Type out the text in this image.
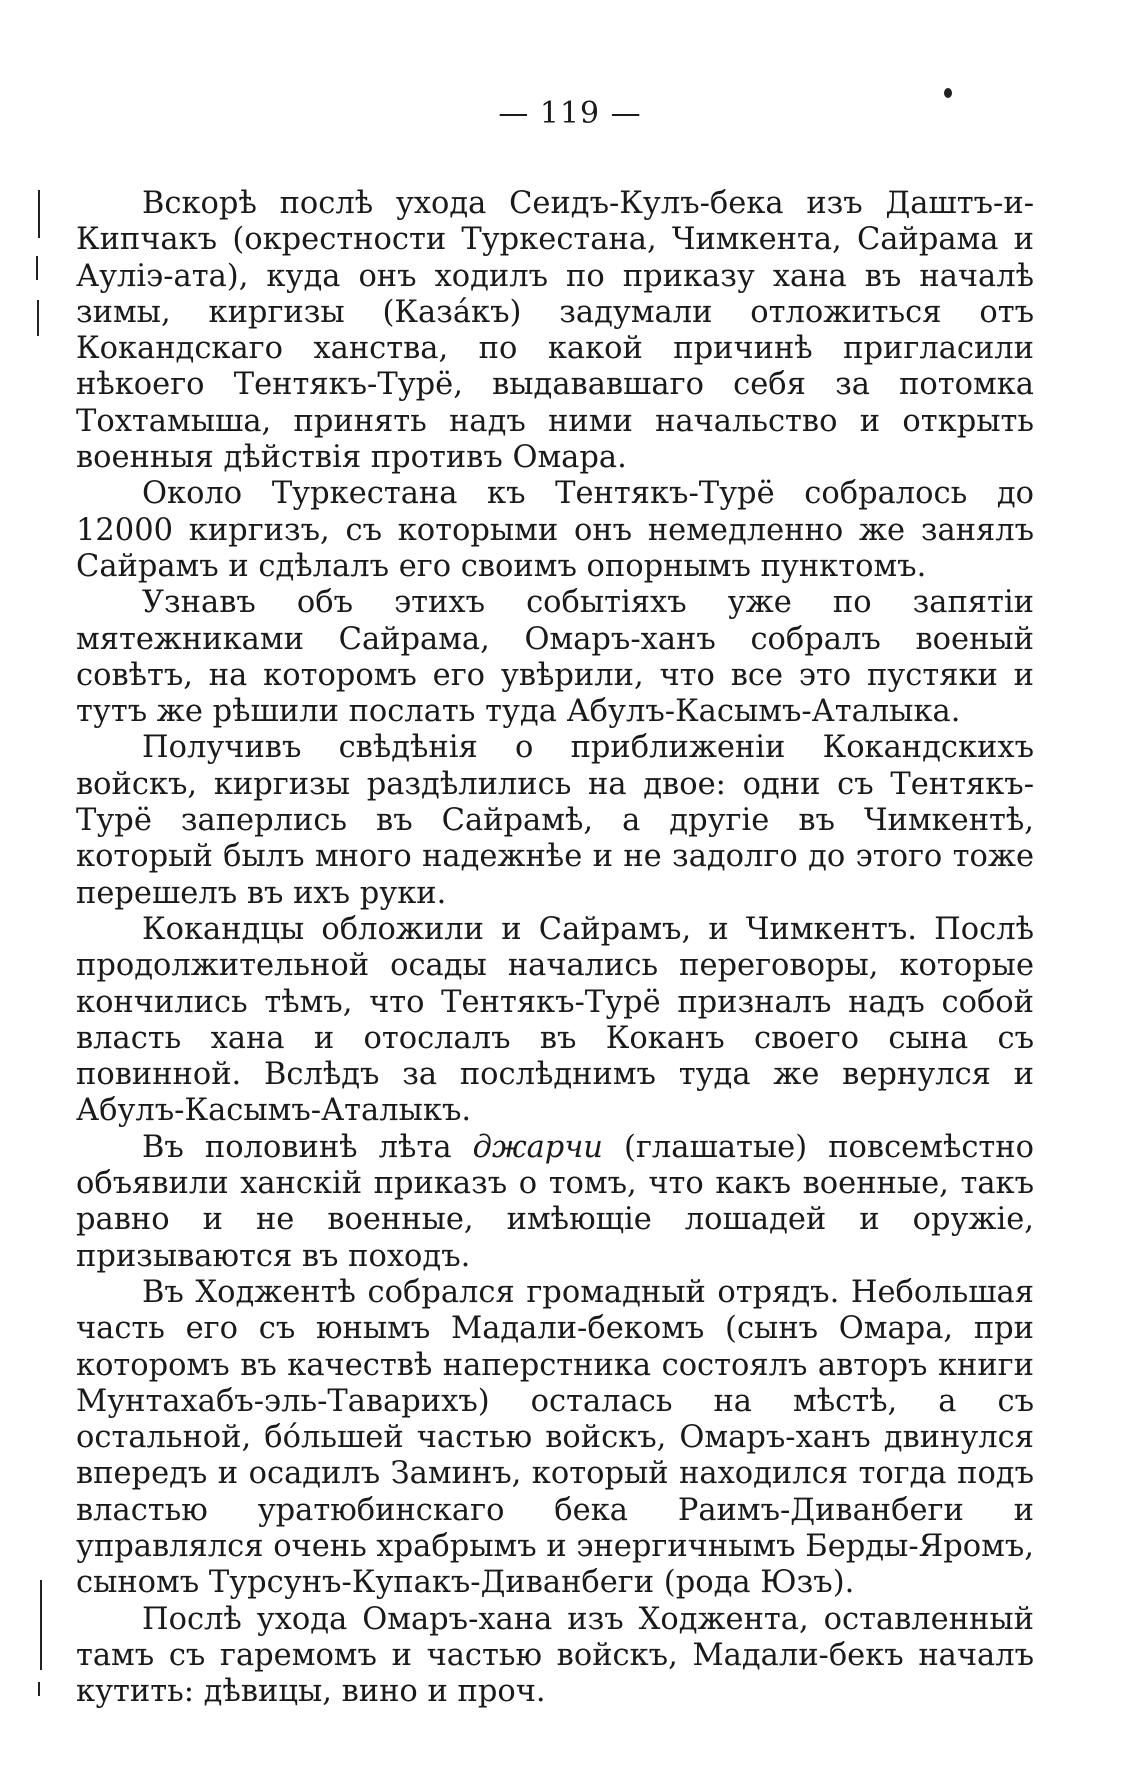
— 119 —

Вскорѣ послѣ ухода Сеидъ-Кулъ-бека изъ Даштъ-и-Кипчакъ (окрестности Туркестана, Чимкента, Сайрама и Ауліэ-ата), куда онъ ходилъ по приказу хана въ началѣ зимы, киргизы (Казáкъ) задумали отложиться отъ Кокандскаго ханства, по какой причинѣ пригласили нѣкоего Тентякъ-Турё, выдававшаго себя за потомка Тохтамыша, принять надъ ними начальство и открыть военныя дѣйствія противъ Омара.

Около Туркестана къ Тентякъ-Турё собралось до 12000 киргизъ, съ которыми онъ немедленно же занялъ Сайрамъ и сдѣлалъ его своимъ опорнымъ пунктомъ.

Узнавъ объ этихъ событіяхъ уже по запятіи мятежниками Сайрама, Омаръ-ханъ собралъ военый совѣтъ, на которомъ его увѣрили, что все это пустяки и тутъ же рѣшили послать туда Абулъ-Касымъ-Аталыка.

Получивъ свѣдѣнія о приближеніи Кокандскихъ войскъ, киргизы раздѣлились на двое: одни съ Тентякъ-Турё заперлись въ Сайрамѣ, а другіе въ Чимкентѣ, который былъ много надежнѣе и не задолго до этого тоже перешелъ въ ихъ руки.

Кокандцы обложили и Сайрамъ, и Чимкентъ. Послѣ продолжительной осады начались переговоры, которые кончились тѣмъ, что Тентякъ-Турё призналъ надъ собой власть хана и отослалъ въ Коканъ своего сына съ повинной. Вслѣдъ за послѣднимъ туда же вернулся и Абулъ-Касымъ-Аталыкъ.

Въ половинѣ лѣта джарчи (глашатые) повсемѣстно объявили ханскій приказъ о томъ, что какъ военные, такъ равно и не военные, имѣющіе лошадей и оружіе, призываются въ походъ.

Въ Ходжентѣ собрался громадный отрядъ. Небольшая часть его съ юнымъ Мадали-бекомъ (сынъ Омара, при которомъ въ качествѣ наперстника состоялъ авторъ книги Мунтахабъ-эль-Таварихъ) осталась на мѣстѣ, а съ остальной, бо́льшей частью войскъ, Омаръ-ханъ двинулся впередъ и осадилъ Заминъ, который находился тогда подъ властью уратюбинскаго бека Раимъ-Диванбеги и управлялся очень храбрымъ и энергичнымъ Берды-Яромъ, сыномъ Турсунъ-Купакъ-Диванбеги (рода Юзъ).

Послѣ ухода Омаръ-хана изъ Ходжента, оставленный тамъ съ гаремомъ и частью войскъ, Мадали-бекъ началъ кутить: дѣвицы, вино и проч.
